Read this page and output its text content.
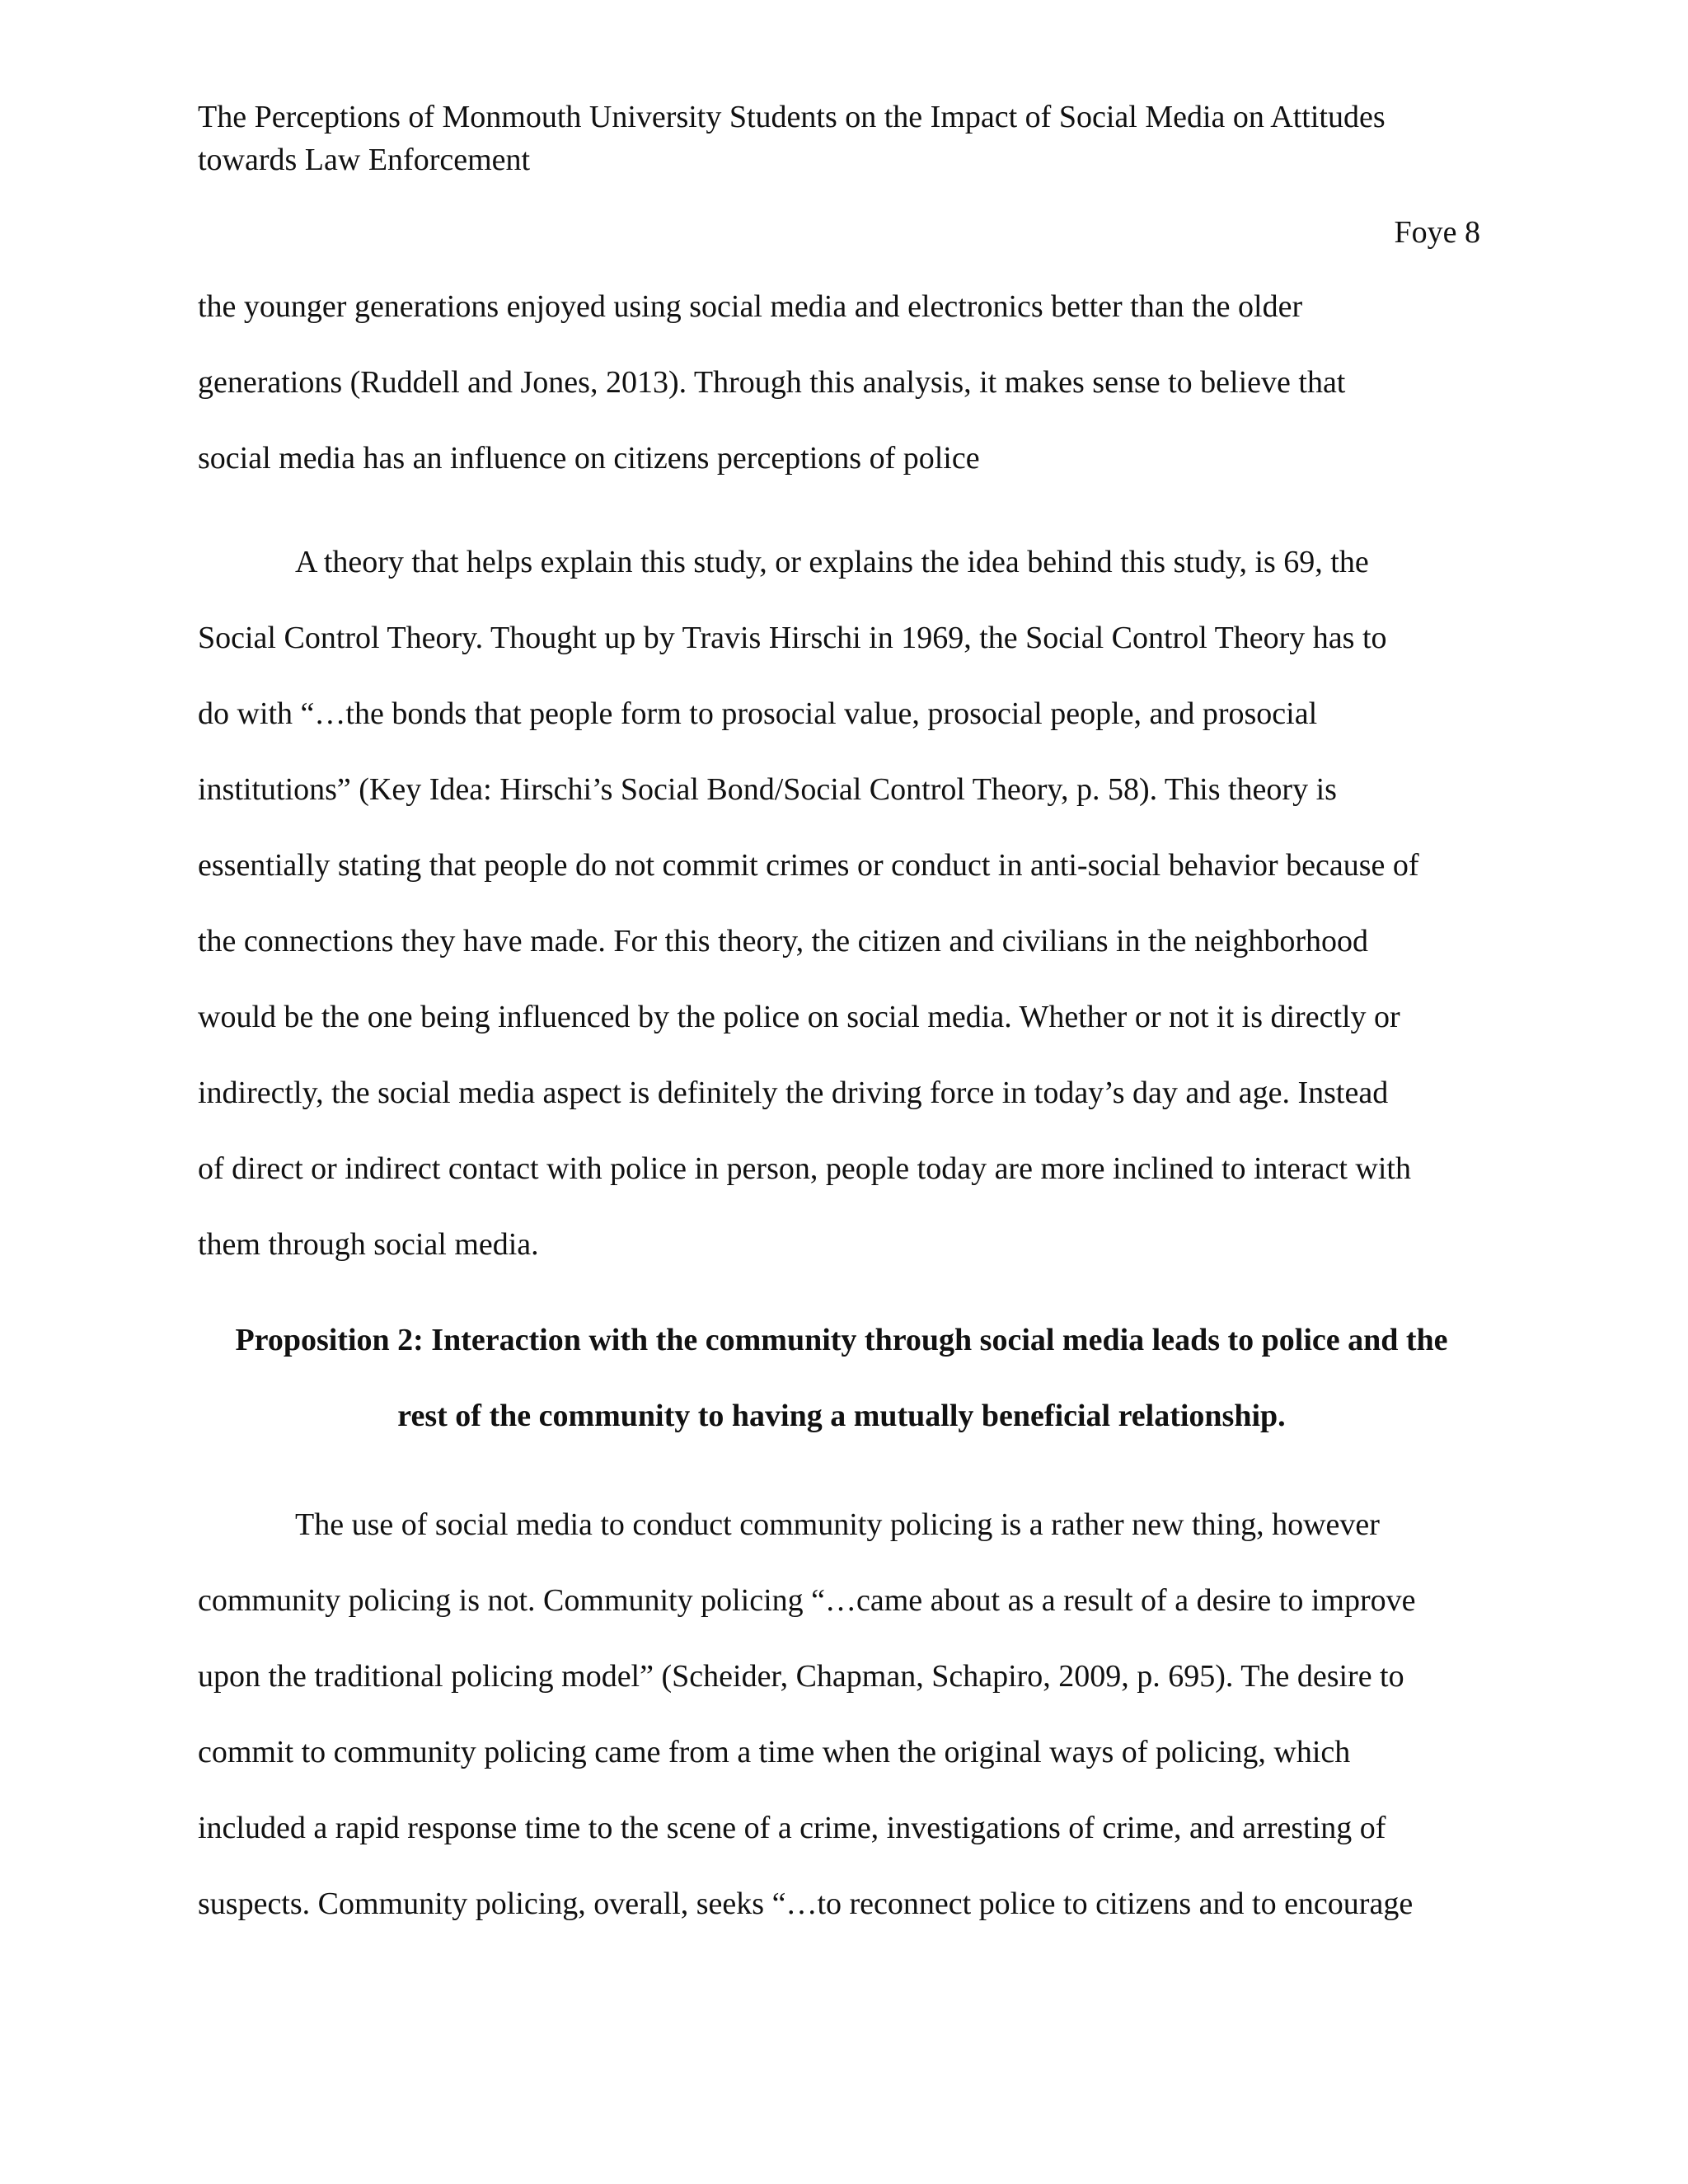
The Perceptions of Monmouth University Students on the Impact of Social Media on Attitudes
towards Law Enforcement
Foye 8
the younger generations enjoyed using social media and electronics better than the older
generations (Ruddell and Jones, 2013). Through this analysis, it makes sense to believe that
social media has an influence on citizens perceptions of police
A theory that helps explain this study, or explains the idea behind this study, is 69, the
Social Control Theory. Thought up by Travis Hirschi in 1969, the Social Control Theory has to
do with “…the bonds that people form to prosocial value, prosocial people, and prosocial
institutions” (Key Idea: Hirschi’s Social Bond/Social Control Theory, p. 58). This theory is
essentially stating that people do not commit crimes or conduct in anti-social behavior because of
the connections they have made. For this theory, the citizen and civilians in the neighborhood
would be the one being influenced by the police on social media. Whether or not it is directly or
indirectly, the social media aspect is definitely the driving force in today’s day and age. Instead
of direct or indirect contact with police in person, people today are more inclined to interact with
them through social media.
Proposition 2: Interaction with the community through social media leads to police and the
rest of the community to having a mutually beneficial relationship.
The use of social media to conduct community policing is a rather new thing, however
community policing is not. Community policing “…came about as a result of a desire to improve
upon the traditional policing model” (Scheider, Chapman, Schapiro, 2009, p. 695). The desire to
commit to community policing came from a time when the original ways of policing, which
included a rapid response time to the scene of a crime, investigations of crime, and arresting of
suspects. Community policing, overall, seeks “…to reconnect police to citizens and to encourage
